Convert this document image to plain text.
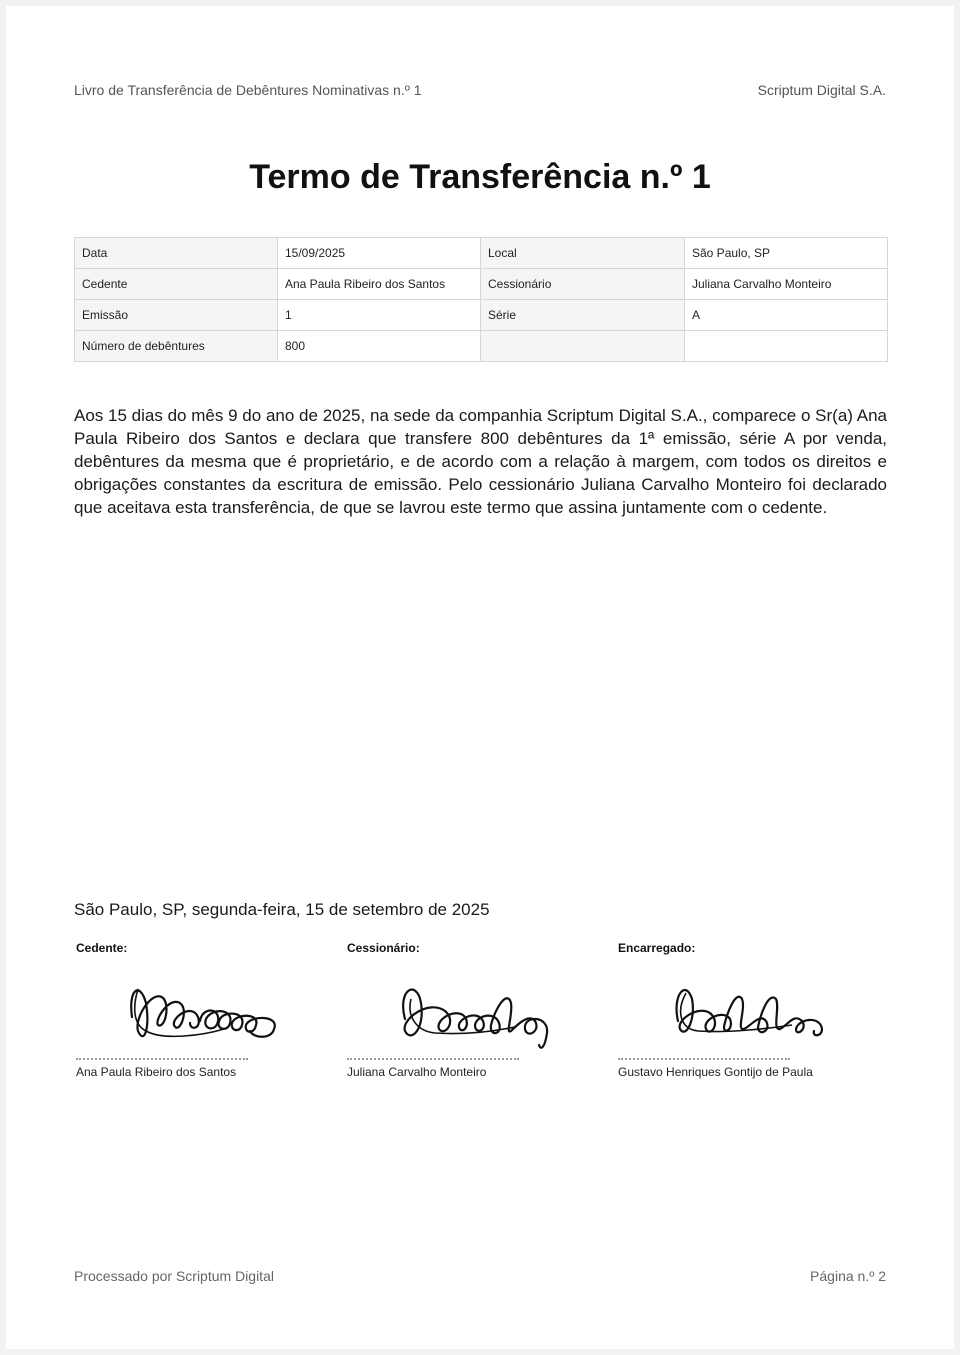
Livro de Transferência de Debêntures Nominativas n.º 1	Scriptum Digital S.A.
Termo de Transferência n.º 1
Data	15/09/2025	Local	São Paulo, SP
Cedente	Ana Paula Ribeiro dos Santos	Cessionário	Juliana Carvalho Monteiro
Emissão	1	Série	A
Número de debêntures	800		
Aos 15 dias do mês 9 do ano de 2025, na sede da companhia Scriptum Digital S.A., comparece o Sr(a) Ana Paula Ribeiro dos Santos e declara que transfere 800 debêntures da 1ª emissão, série A por venda, debêntures da mesma que é proprietário, e de acordo com a relação à margem, com todos os direitos e obrigações constantes da escritura de emissão. Pelo cessionário Juliana Carvalho Monteiro foi declarado que aceitava esta transferência, de que se lavrou este termo que assina juntamente com o cedente.
São Paulo, SP, segunda-feira, 15 de setembro de 2025
Cedente:
Ana Paula Ribeiro dos Santos
Cessionário:
Juliana Carvalho Monteiro
Encarregado:
Gustavo Henriques Gontijo de Paula
Processado por Scriptum Digital	Página n.º 2
